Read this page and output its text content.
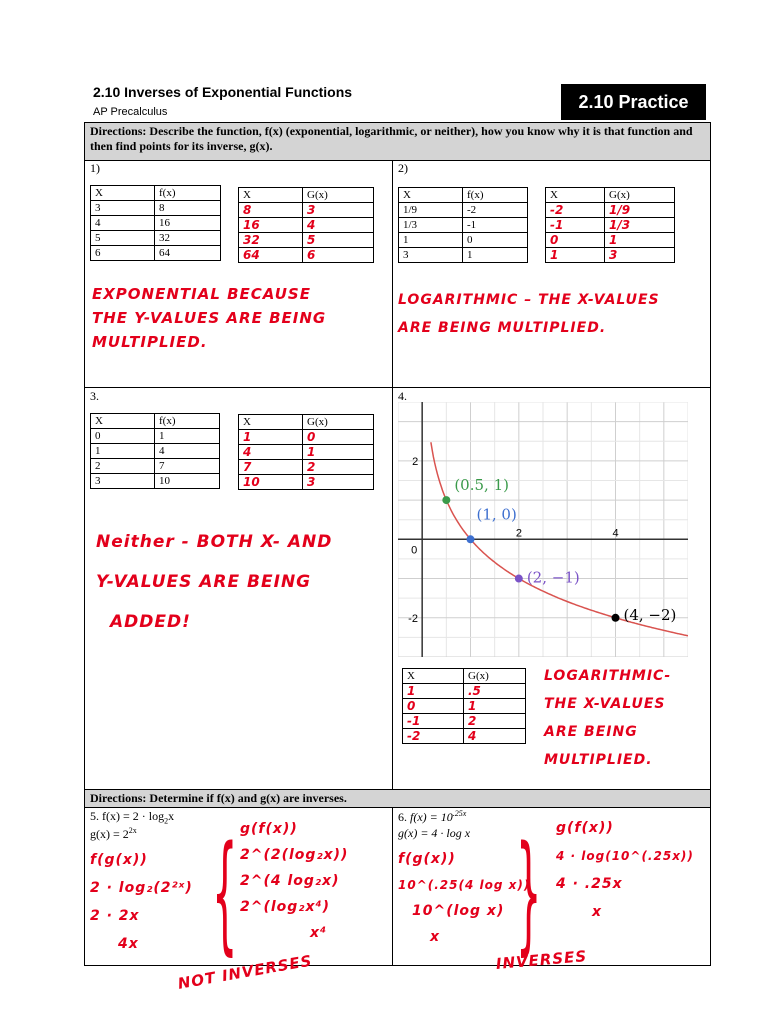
2.10 Inverses of Exponential Functions
AP Precalculus
2.10 Practice
Directions: Describe the function, f(x) (exponential, logarithmic, or neither), how you know why it is that function and then find points for its inverse, g(x).
Directions: Determine if f(x) and g(x) are inverses.
1)
X	f(x)
3	8
4	16
5	32
6	64
X	G(x)
8	3
16	4
32	5
64	6
EXPONENTIAL BECAUSE
THE Y-VALUES ARE BEING
MULTIPLIED.
2)
X	f(x)
1/9	-2
1/3	-1
1	0
3	1
X	G(x)
-2	1/9
-1	1/3
0	1
1	3
LOGARITHMIC – THE X-VALUES
ARE BEING MULTIPLIED.
3.
X	f(x)
0	1
1	4
2	7
3	10
X	G(x)
1	0
4	1
7	2
10	3
Neither - BOTH X- AND
Y-VALUES ARE BEING
ADDED!
4.
(0.5, 1)
(1, 0)
(2, −1)
(4, −2)
0
2	4
2
-2
X	G(x)
1	.5
0	1
-1	2
-2	4
LOGARITHMIC-
THE X-VALUES
ARE BEING
MULTIPLIED.
5. $f(x) = 2 \cdot \log_2x$
$g(x) = 2^{2x}$
f(g(x))
2 · log₂(2²ˣ)
2 · 2x
4x	{ g(f(x))
2^(2(log₂x))
2^(4 log₂x)
2^(log₂x⁴)
x⁴
NOT INVERSES
6. $f(x) = 10^{.25x}$
g(x) = 4 · log x
f(g(x))
10^(.25(4 log x))
10^(log x)
x	} g(f(x))
4 · log(10^(.25x))
4 · .25x
x
INVERSES
